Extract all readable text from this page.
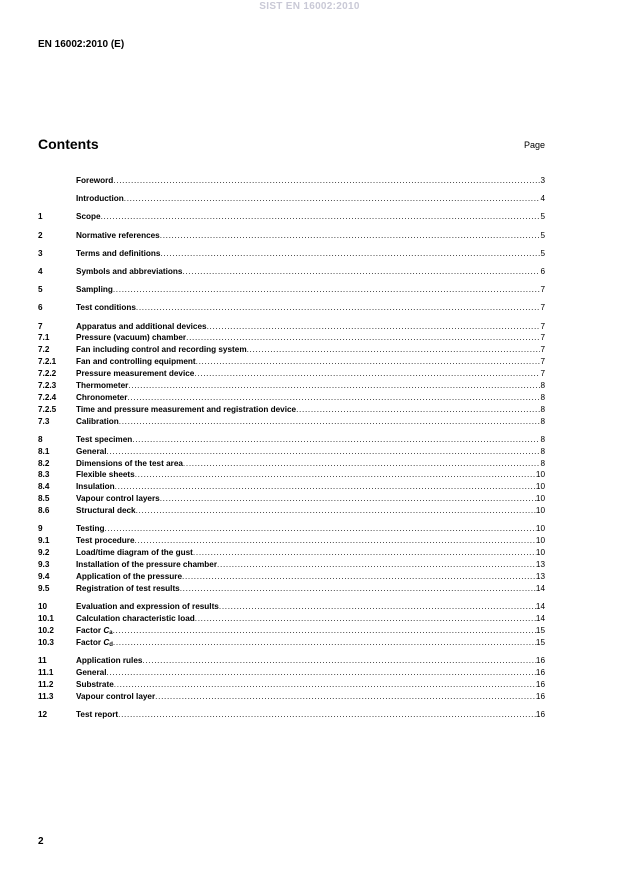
SIST EN 16002:2010
EN 16002:2010 (E)
Contents	Page
Foreword . . .	3
Introduction . . .	4
1	Scope . . .	5
2	Normative references . . .	5
3	Terms and definitions . . .	5
4	Symbols and abbreviations . . .	6
5	Sampling . . .	7
6	Test conditions . . .	7
7	Apparatus and additional devices . . .	7
7.1	Pressure (vacuum) chamber . . .	7
7.2	Fan including control and recording system . . .	7
7.2.1	Fan and controlling equipment . . .	7
7.2.2	Pressure measurement device . . .	7
7.2.3	Thermometer . . .	8
7.2.4	Chronometer . . .	8
7.2.5	Time and pressure measurement and registration device . . .	8
7.3	Calibration . . .	8
8	Test specimen . . .	8
8.1	General . . .	8
8.2	Dimensions of the test area . . .	8
8.3	Flexible sheets . . .	10
8.4	Insulation . . .	10
8.5	Vapour control layers . . .	10
8.6	Structural deck . . .	10
9	Testing . . .	10
9.1	Test procedure . . .	10
9.2	Load/time diagram of the gust . . .	10
9.3	Installation of the pressure chamber . . .	13
9.4	Application of the pressure . . .	13
9.5	Registration of test results . . .	14
10	Evaluation and expression of results . . .	14
10.1	Calculation characteristic load . . .	14
10.2	Factor Ca . . .	15
10.3	Factor Cd . . .	15
11	Application rules . . .	16
11.1	General . . .	16
11.2	Substrate . . .	16
11.3	Vapour control layer . . .	16
12	Test report . . .	16
2
